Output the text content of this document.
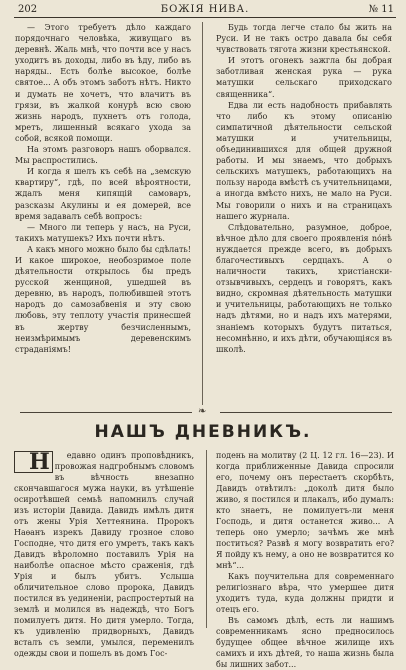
202	БОЖІЯ НИВА.	№ 11

— Этого требуетъ дѣло каждаго порядочнаго человѣка, живущаго въ деревнѣ. Жаль мнѣ, что почти все у насъ уходитъ въ доходы, либо въ ѣду, либо въ наряды.. Есть болѣе высокое, болѣе святое... А объ этомъ заботъ нѣтъ. Никто и думать не хочетъ, что влачитъ въ грязи, въ жалкой конурѣ всю свою жизнь народъ, пухнетъ отъ голода, мретъ, лишенный всякаго ухода за собой, всякой помощи.

На этомъ разговоръ нашъ оборвался. Мы распростились.

И когда я шелъ къ себѣ на „земскую квартиру“, гдѣ, по всей вѣроятности, ждалъ меня кипящій самоваръ, разсказы Акулины и ея домерей, все время задавалъ себѣ вопросъ:

— Много ли теперь у насъ, на Руси, такихъ матушекъ? Ихъ почти нѣтъ.

А какъ много можно было бы сдѣлать! И какое широкое, необозримое поле дѣятельности открылось бы предъ русской женщиной, ушедшей въ деревню, въ народъ, полюбившей этотъ народъ до самозабвенія и эту свою любовь, эту теплоту участія принесшей въ жертву безчисленнымъ, неизмѣримымъ деревенскимъ страданіямъ!

Будь тогда легче стало бы жить на Руси. И не такъ остро давала бы себя чувствовать тягота жизни крестьянской.

И этотъ огонекъ зажгла бы добрая заботливая женская рука — рука матушки сельскаго приходскаго священника“.

Едва ли есть надобность прибавлять что либо къ этому описанію симпатичной дѣятельности сельской матушки и учительницы, объединившихся для общей дружной работы. И мы знаемъ, что добрыхъ сельскихъ матушекъ, работающихъ на пользу народа вмѣстѣ съ учительницами, а иногда вмѣсто нихъ, не мало на Руси. Мы говорили о нихъ и на страницахъ нашего журнала.

Слѣдовательно, разумное, доброе, вѣчное дѣло для своего проявленія nóнѣ нуждается прежде всего, въ добрыхъ благочестивыхъ сердцахъ. А о наличности такихъ, христіански-отзывчивыхъ, сердецъ и говорятъ, какъ видно, скромная дѣятельность матушки и учительницы, работающихъ не только надъ дѣтями, но и надъ ихъ матерями, знаніемъ которыхъ будутъ питаться, несомнѣнно, и ихъ дѣти, обучающіяся въ школѣ.

❧
НАШЪ ДНЕВНИКЪ.

Н	едавно одинъ проповѣдникъ, провожая надгробнымъ словомъ въ вѣчность внезапно скончавшагося мужа науки, въ утѣшеніе осиротѣвшей семьѣ напомнилъ случай изъ исторіи Давида. Давидъ имѣлъ дитя отъ жены Урія Хеттеянина. Пророкъ Наѳанъ изрекъ Давиду грозное слово Господне, что дитя его умретъ, такъ какъ Давидъ вѣроломно поставилъ Урія на наиболѣе опасное мѣсто сраженія, гдѣ Урія и былъ убитъ. Услыша обличительное слово пророка, Давидъ постился въ уединеніи, распростертый на землѣ и молился въ надеждѣ, что Богъ помилуетъ дитя. Но дитя умерло. Тогда, къ удивленію придворныхъ, Давидъ всталъ съ земли, умылся, переменилъ одежды свои и пошелъ въ домъ Гос-

подень на молитву (2 Ц. 12 гл. 16—23). И когда приближенные Давида спросили его, почему онъ перестаетъ скорбѣть, Давидъ отвѣтилъ: „доколѣ дитя было живо, я постился и плакалъ, ибо думалъ: кто знаетъ, не помилуетъ-ли меня Господь, и дитя останется живо... А теперь оно умерло; зачѣмъ же мнѣ поститься? Развѣ я могу возвратить его? Я пойду къ нему, а оно не возвратится ко мнѣ“...

Какъ поучительна для современнаго религіознаго вѣра, что умершее дитя уходитъ туда, куда должны придти и отецъ его.

Въ самомъ дѣлѣ, есть ли нашимъ современникамъ ясно предносилось будущее общее вѣчное жилище ихъ самихъ и ихъ дѣтей, то наша жизнь была бы лишних забот...
